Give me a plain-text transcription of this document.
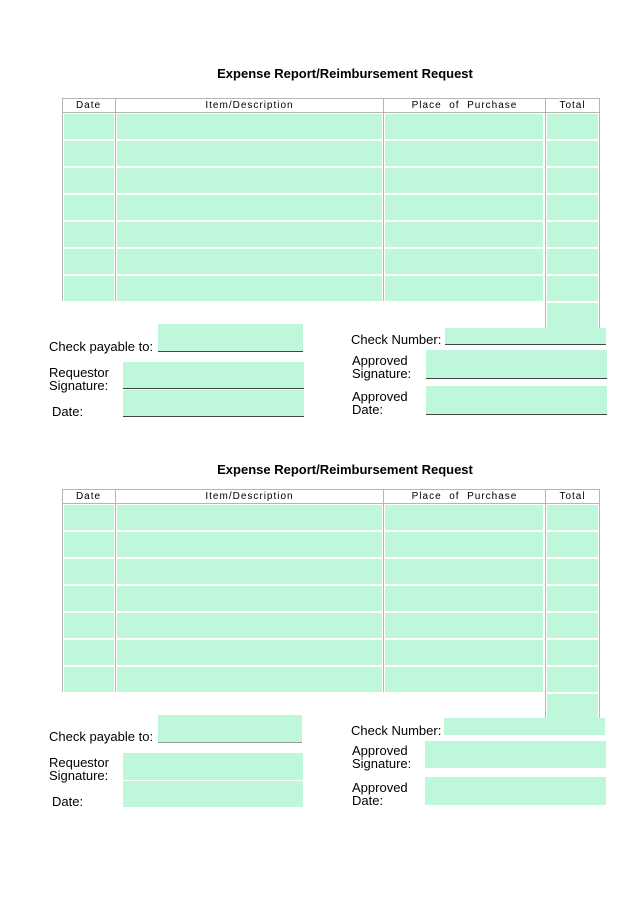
Expense Report/Reimbursement Request
Date	Item/Description	Place  of  Purchase	Total
Check payable to:
Requestor
Signature:
Date:
Check Number:
Approved
Signature:
Approved
Date:
Expense Report/Reimbursement Request
Date	Item/Description	Place  of  Purchase	Total
Check payable to:
Requestor
Signature:
Date:
Check Number:
Approved
Signature:
Approved
Date:
